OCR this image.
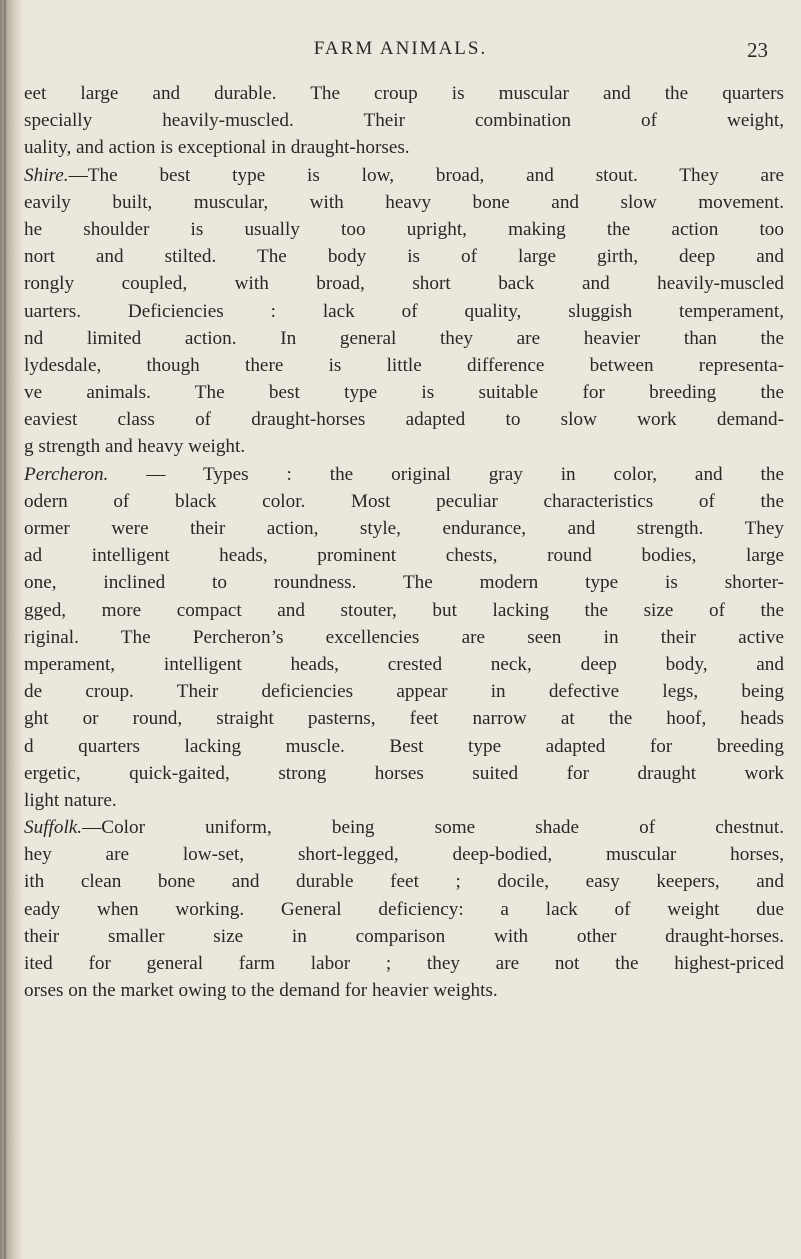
FARM ANIMALS.	23
eet large and durable. The croup is muscular and the quarters
specially heavily-muscled. Their combination of weight,
uality, and action is exceptional in draught-horses.
Shire.—The best type is low, broad, and stout. They are
eavily built, muscular, with heavy bone and slow movement.
he shoulder is usually too upright, making the action too
nort and stilted. The body is of large girth, deep and
rongly coupled, with broad, short back and heavily-muscled
uarters. Deficiencies : lack of quality, sluggish temperament,
nd limited action. In general they are heavier than the
lydesdale, though there is little difference between representa-
ve animals. The best type is suitable for breeding the
eaviest class of draught-horses adapted to slow work demand-
g strength and heavy weight.
Percheron. — Types : the original gray in color, and the
odern of black color. Most peculiar characteristics of the
ormer were their action, style, endurance, and strength. They
ad intelligent heads, prominent chests, round bodies, large
one, inclined to roundness. The modern type is shorter-
gged, more compact and stouter, but lacking the size of the
riginal. The Percheron’s excellencies are seen in their active
mperament, intelligent heads, crested neck, deep body, and
de croup. Their deficiencies appear in defective legs, being
ght or round, straight pasterns, feet narrow at the hoof, heads
d quarters lacking muscle. Best type adapted for breeding
ergetic, quick-gaited, strong horses suited for draught work
light nature.
Suffolk.—Color uniform, being some shade of chestnut.
hey are low-set, short-legged, deep-bodied, muscular horses,
ith clean bone and durable feet ; docile, easy keepers, and
eady when working. General deficiency: a lack of weight due
their smaller size in comparison with other draught-horses.
ited for general farm labor ; they are not the highest-priced
orses on the market owing to the demand for heavier weights.
